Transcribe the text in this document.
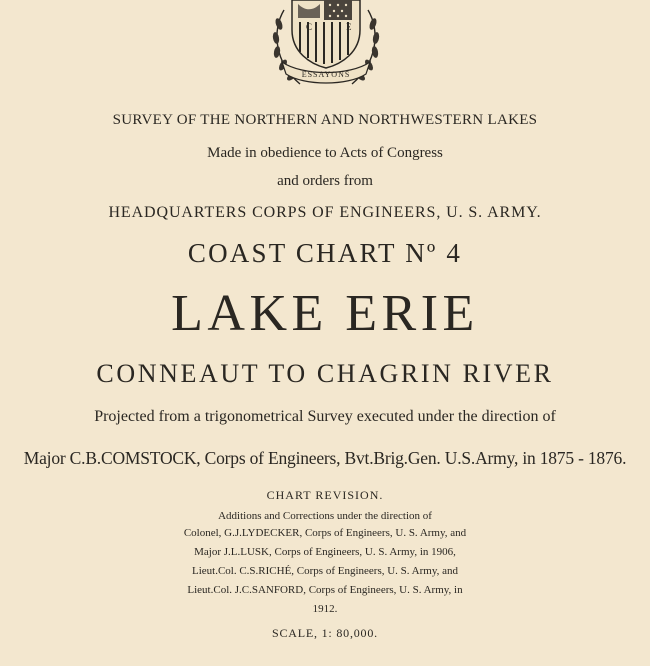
C	E
ESSAYONS
SURVEY OF THE NORTHERN AND NORTHWESTERN LAKES
Made in obedience to Acts of Congress
and orders from
HEADQUARTERS CORPS OF ENGINEERS, U. S. ARMY.
COAST CHART Nº 4
LAKE ERIE
CONNEAUT TO CHAGRIN RIVER
Projected from a trigonometrical Survey executed under the direction of
Major C.B.COMSTOCK, Corps of Engineers, Bvt.Brig.Gen. U.S.Army, in 1875 - 1876.
CHART REVISION.
Additions and Corrections under the direction of
Colonel, G.J.LYDECKER, Corps of Engineers, U. S. Army, and
Major J.L.LUSK, Corps of Engineers, U. S. Army, in 1906,
Lieut.Col. C.S.RICHÉ, Corps of Engineers, U. S. Army, and
Lieut.Col. J.C.SANFORD, Corps of Engineers, U. S. Army, in
1912.
SCALE, 1: 80,000.
